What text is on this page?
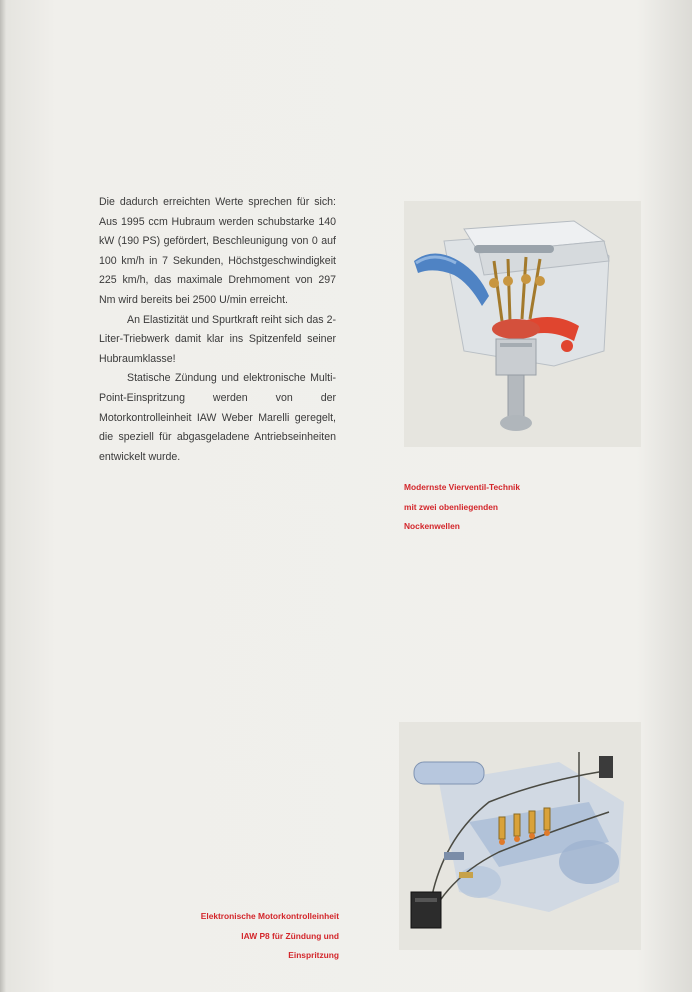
Die dadurch erreichten Werte sprechen für sich: Aus 1995 ccm Hubraum werden schubstarke 140 kW (190 PS) gefördert, Beschleunigung von 0 auf 100 km/h in 7 Sekunden, Höchstgeschwindigkeit 225 km/h, das maximale Drehmoment von 297 Nm wird bereits bei 2500 U/min erreicht.

An Elastizität und Spurtkraft reiht sich das 2-Liter-Triebwerk damit klar ins Spitzenfeld seiner Hubraumklasse!

Statische Zündung und elektronische Multi-Point-Einspritzung werden von der Motorkontrolleinheit IAW Weber Marelli geregelt, die speziell für abgasgeladene Antriebseinheiten entwickelt wurde.

Modernste Vierventil-Technik
mit zwei obenliegenden
Nockenwellen
Elektronische Motorkontrolleinheit
IAW P8 für Zündung und
Einspritzung
